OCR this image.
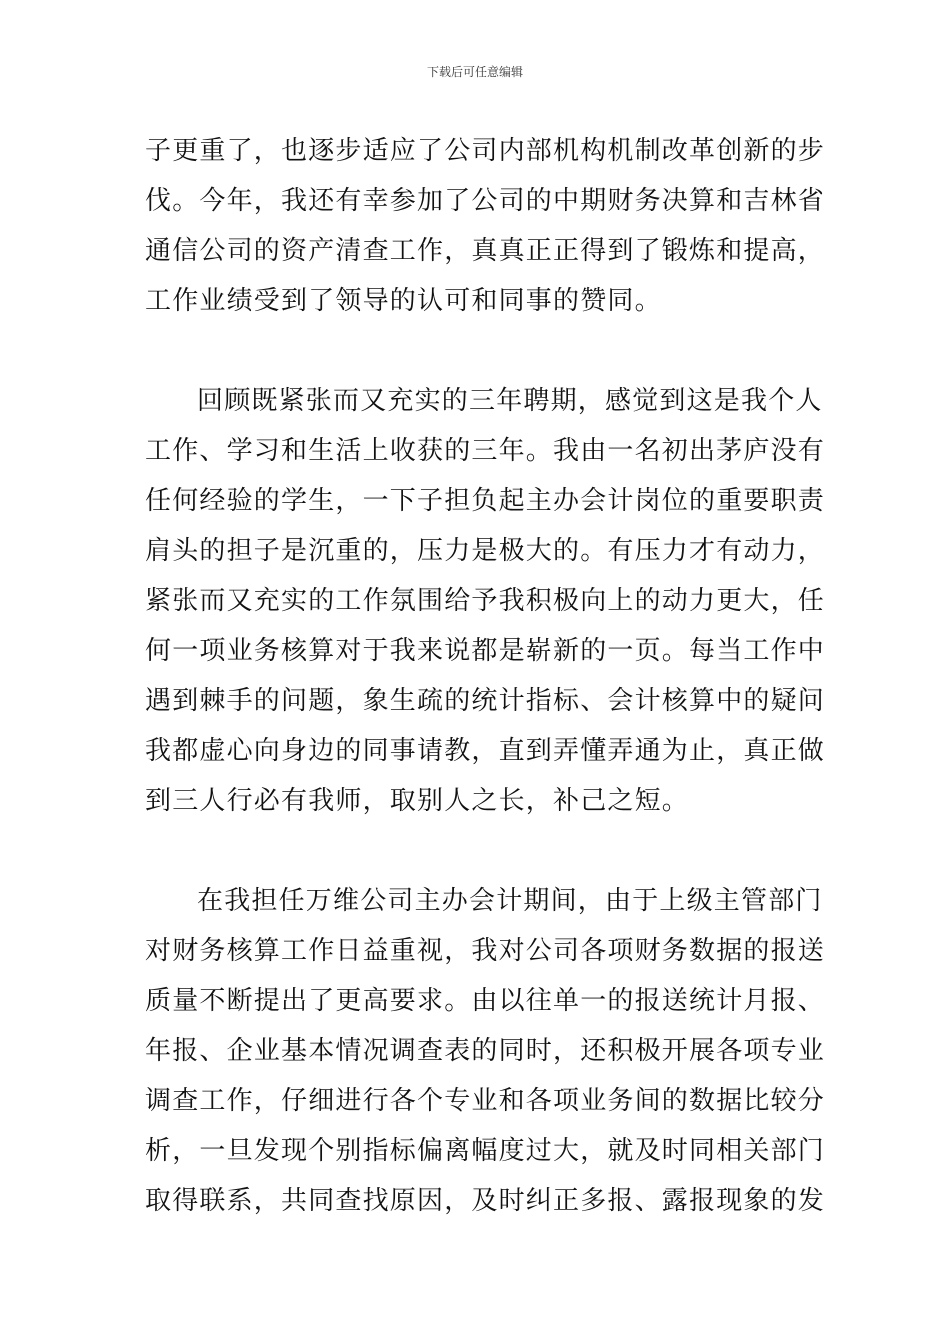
下载后可任意编辑

子更重了，也逐步适应了公司内部机构机制改革创新的步
伐。今年，我还有幸参加了公司的中期财务决算和吉林省
通信公司的资产清查工作，真真正正得到了锻炼和提高，
工作业绩受到了领导的认可和同事的赞同。

回顾既紧张而又充实的三年聘期，感觉到这是我个人
工作、学习和生活上收获的三年。我由一名初出茅庐没有
任何经验的学生，一下子担负起主办会计岗位的重要职责
肩头的担子是沉重的，压力是极大的。有压力才有动力，
紧张而又充实的工作氛围给予我积极向上的动力更大，任
何一项业务核算对于我来说都是崭新的一页。每当工作中
遇到棘手的问题，象生疏的统计指标、会计核算中的疑问
我都虚心向身边的同事请教，直到弄懂弄通为止，真正做
到三人行必有我师，取别人之长，补己之短。

在我担任万维公司主办会计期间，由于上级主管部门
对财务核算工作日益重视，我对公司各项财务数据的报送
质量不断提出了更高要求。由以往单一的报送统计月报、
年报、企业基本情况调查表的同时，还积极开展各项专业
调查工作，仔细进行各个专业和各项业务间的数据比较分
析，一旦发现个别指标偏离幅度过大，就及时同相关部门
取得联系，共同查找原因，及时纠正多报、露报现象的发
